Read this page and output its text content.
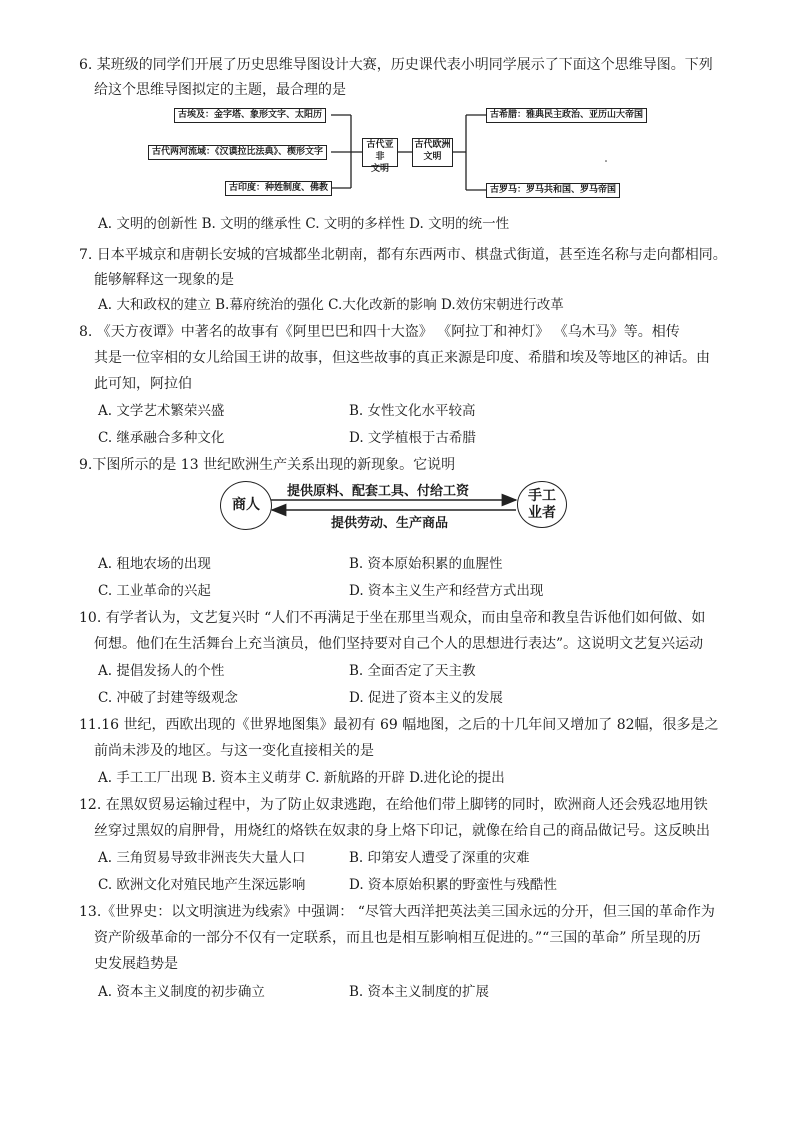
6. 某班级的同学们开展了历史思维导图设计大赛，历史课代表小明同学展示了下面这个思维导图。下列
给这个思维导图拟定的主题，最合理的是
古埃及：金字塔、象形文字、太阳历
古代两河流域：《汉谟拉比法典》、楔形文字
古印度：种姓制度、佛教
古代亚非
文明
古代欧洲
文明
古希腊：雅典民主政治、亚历山大帝国
古罗马：罗马共和国、罗马帝国
A. 文明的创新性 B. 文明的继承性 C. 文明的多样性 D. 文明的统一性
7. 日本平城京和唐朝长安城的宫城都坐北朝南，都有东西两市、棋盘式街道，甚至连名称与走向都相同。
能够解释这一现象的是
A. 大和政权的建立 B.幕府统治的强化 C.大化改新的影响 D.效仿宋朝进行改革
8. 《天方夜谭》中著名的故事有《阿里巴巴和四十大盗》 《阿拉丁和神灯》 《乌木马》等。相传
其是一位宰相的女儿给国王讲的故事，但这些故事的真正来源是印度、希腊和埃及等地区的神话。由
此可知，阿拉伯
A. 文学艺术繁荣兴盛	B. 女性文化水平较高
C. 继承融合多种文化	D. 文学植根于古希腊
9.下图所示的是 13 世纪欧洲生产关系出现的新现象。它说明
商人
手工
业者
提供原料、配套工具、付给工资
提供劳动、生产商品
A. 租地农场的出现	B. 资本原始积累的血腥性
C. 工业革命的兴起	D. 资本主义生产和经营方式出现
10. 有学者认为，文艺复兴时 “人们不再满足于坐在那里当观众，而由皇帝和教皇告诉他们如何做、如
何想。他们在生活舞台上充当演员，他们坚持要对自己个人的思想进行表达”。这说明文艺复兴运动
A. 提倡发扬人的个性	B. 全面否定了天主教
C. 冲破了封建等级观念	D. 促进了资本主义的发展
11.16 世纪，西欧出现的《世界地图集》最初有 69 幅地图，之后的十几年间又增加了 82幅，很多是之
前尚未涉及的地区。与这一变化直接相关的是
A. 手工工厂出现 B. 资本主义萌芽 C. 新航路的开辟 D.进化论的提出
12. 在黑奴贸易运输过程中，为了防止奴隶逃跑，在给他们带上脚铐的同时，欧洲商人还会残忍地用铁
丝穿过黑奴的肩胛骨，用烧红的烙铁在奴隶的身上烙下印记，就像在给自己的商品做记号。这反映出
A. 三角贸易导致非洲丧失大量人口	B. 印第安人遭受了深重的灾难
C. 欧洲文化对殖民地产生深远影响	D. 资本原始积累的野蛮性与残酷性
13.《世界史：以文明演进为线索》中强调： “尽管大西洋把英法美三国永远的分开，但三国的革命作为
资产阶级革命的一部分不仅有一定联系，而且也是相互影响相互促进的。”“三国的革命” 所呈现的历
史发展趋势是
A. 资本主义制度的初步确立	B. 资本主义制度的扩展
